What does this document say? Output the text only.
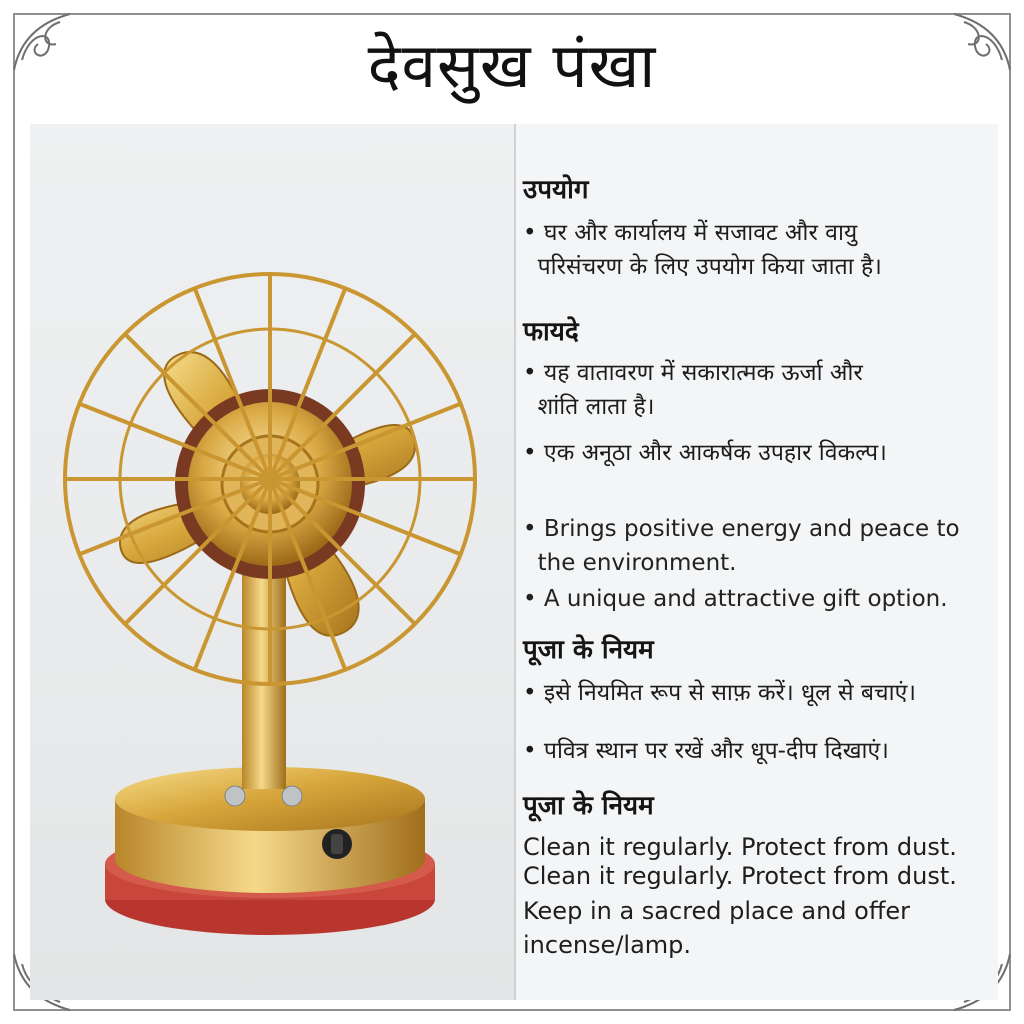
देवसुख पंखा
उपयोग
• घर और कार्यालय में सजावट और वायु
परिसंचरण के लिए उपयोग किया जाता है।
फायदे
• यह वातावरण में सकारात्मक ऊर्जा और
शांति लाता है।
• एक अनूठा और आकर्षक उपहार विकल्प।
• Brings positive energy and peace to
the environment.
• A unique and attractive gift option.
पूजा के नियम
• इसे नियमित रूप से साफ़ करें। धूल से बचाएं।
• पवित्र स्थान पर रखें और धूप-दीप दिखाएं।
पूजा के नियम
Clean it regularly. Protect from dust.
Clean it regularly. Protect from dust.
Keep in a sacred place and offer
incense/lamp.
